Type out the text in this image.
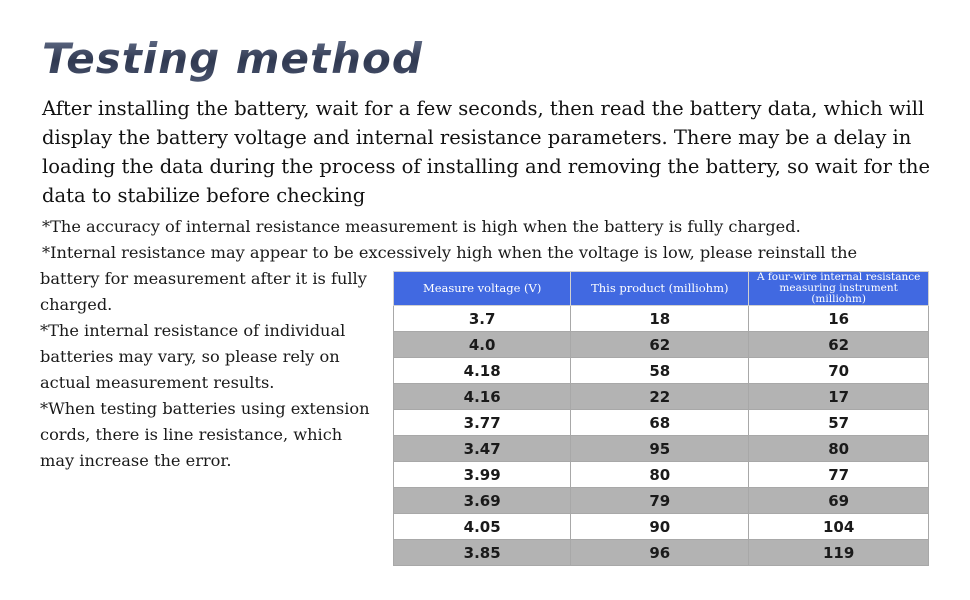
Testing method

After installing the battery, wait for a few seconds, then read the battery data, which will display the battery voltage and internal resistance parameters. There may be a delay in loading the data during the process of installing and removing the battery, so wait for the data to stabilize before checking

*The accuracy of internal resistance measurement is high when the battery is fully charged.

*Internal resistance may appear to be excessively high when the voltage is low, please reinstall the

battery for measurement after it is fully charged.

*The internal resistance of individual batteries may vary, so please rely on actual measurement results.

*When testing batteries using extension cords, there is line resistance, which may increase the error.

Measure voltage (V)	This product (milliohm)	A four-wire internal resistance measuring instrument (milliohm)
3.7	18	16
4.0	62	62
4.18	58	70
4.16	22	17
3.77	68	57
3.47	95	80
3.99	80	77
3.69	79	69
4.05	90	104
3.85	96	119
